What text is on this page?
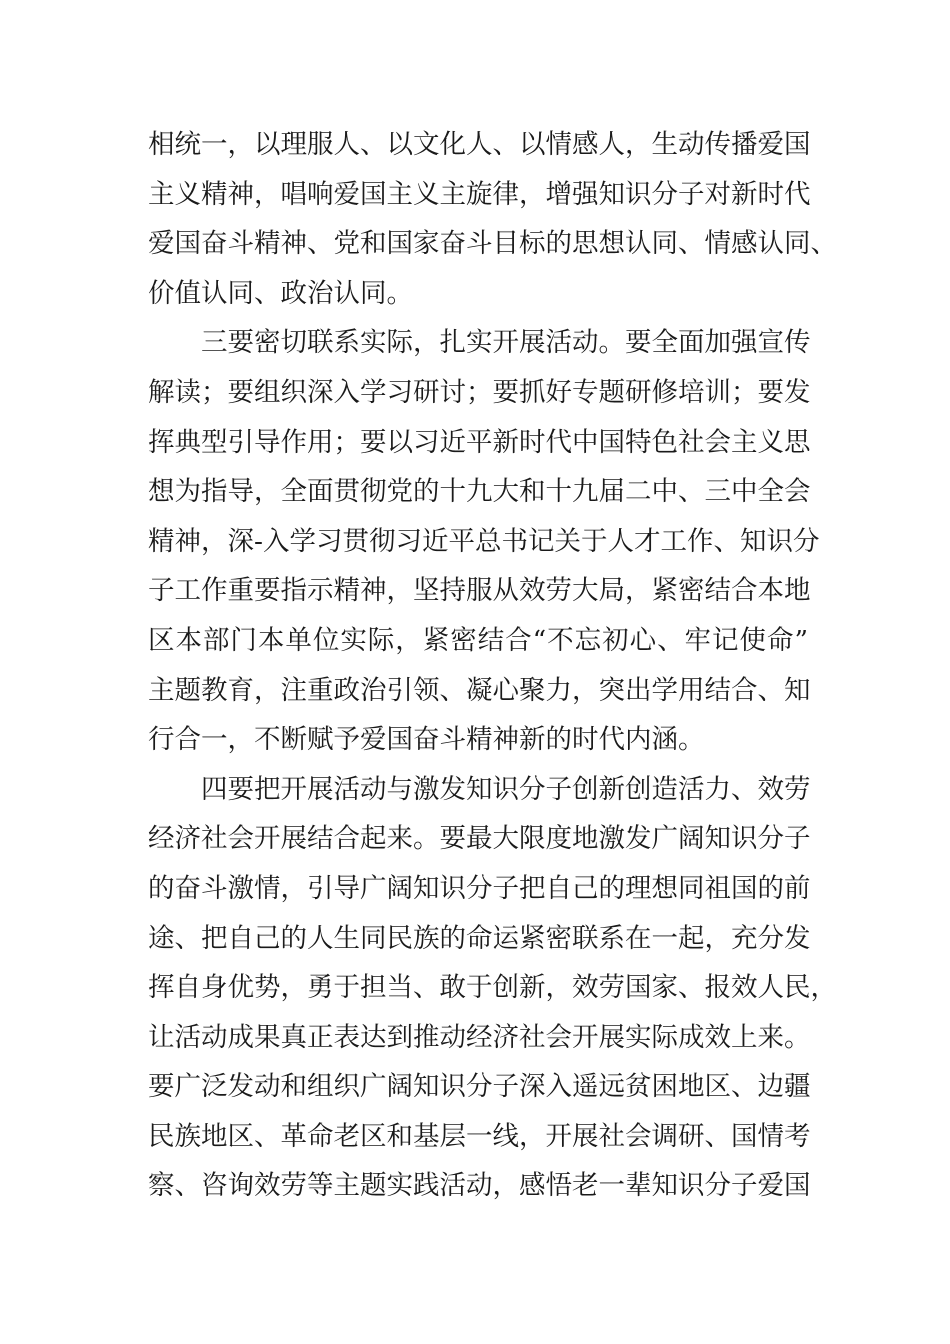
相统一，以理服人、以文化人、以情感人，生动传播爱国
主义精神，唱响爱国主义主旋律，增强知识分子对新时代
爱国奋斗精神、党和国家奋斗目标的思想认同、情感认同、
价值认同、政治认同。
三要密切联系实际，扎实开展活动。要全面加强宣传
解读；要组织深入学习研讨；要抓好专题研修培训；要发
挥典型引导作用；要以习近平新时代中国特色社会主义思
想为指导，全面贯彻党的十九大和十九届二中、三中全会
精神，深-入学习贯彻习近平总书记关于人才工作、知识分
子工作重要指示精神，坚持服从效劳大局，紧密结合本地
区本部门本单位实际，紧密结合“不忘初心、牢记使命”
主题教育，注重政治引领、凝心聚力，突出学用结合、知
行合一，不断赋予爱国奋斗精神新的时代内涵。
四要把开展活动与激发知识分子创新创造活力、效劳
经济社会开展结合起来。要最大限度地激发广阔知识分子
的奋斗激情，引导广阔知识分子把自己的理想同祖国的前
途、把自己的人生同民族的命运紧密联系在一起，充分发
挥自身优势，勇于担当、敢于创新，效劳国家、报效人民，
让活动成果真正表达到推动经济社会开展实际成效上来。
要广泛发动和组织广阔知识分子深入遥远贫困地区、边疆
民族地区、革命老区和基层一线，开展社会调研、国情考
察、咨询效劳等主题实践活动，感悟老一辈知识分子爱国
